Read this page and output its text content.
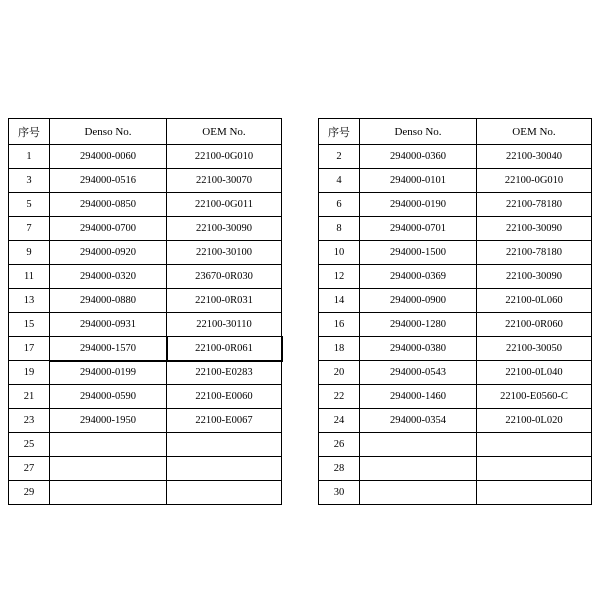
序号	Denso No.	OEM No.
1	294000-0060	22100-0G010
3	294000-0516	22100-30070
5	294000-0850	22100-0G011
7	294000-0700	22100-30090
9	294000-0920	22100-30100
11	294000-0320	23670-0R030
13	294000-0880	22100-0R031
15	294000-0931	22100-30110
17	294000-1570	22100-0R061
19	294000-0199	22100-E0283
21	294000-0590	22100-E0060
23	294000-1950	22100-E0067
25		
27		
29		
序号	Denso No.	OEM No.
2	294000-0360	22100-30040
4	294000-0101	22100-0G010
6	294000-0190	22100-78180
8	294000-0701	22100-30090
10	294000-1500	22100-78180
12	294000-0369	22100-30090
14	294000-0900	22100-0L060
16	294000-1280	22100-0R060
18	294000-0380	22100-30050
20	294000-0543	22100-0L040
22	294000-1460	22100-E0560-C
24	294000-0354	22100-0L020
26		
28		
30		
